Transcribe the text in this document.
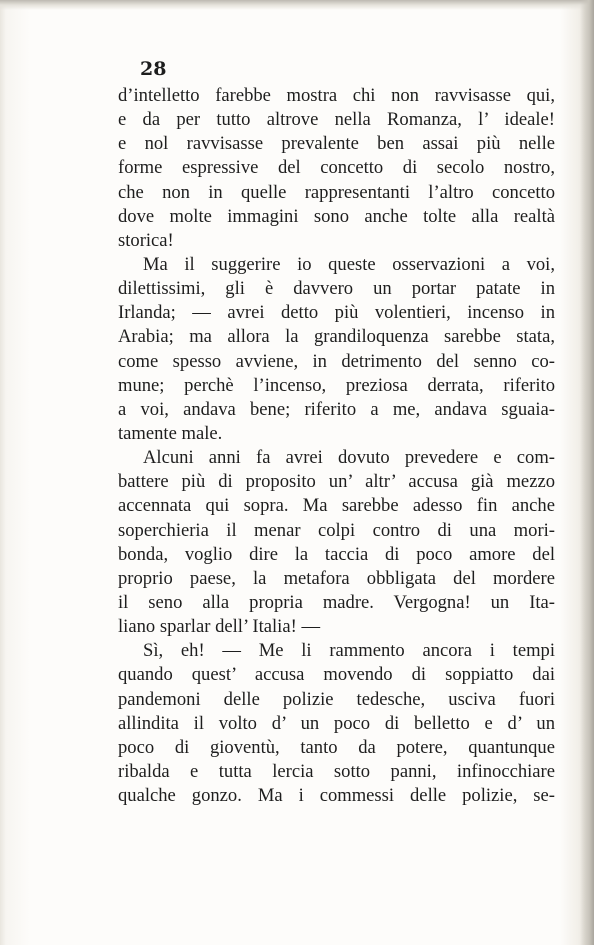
28
d’intelletto farebbe mostra chi non ravvisasse qui,
e da per tutto altrove nella Romanza, l’ ideale!
e nol ravvisasse prevalente ben assai più nelle
forme espressive del concetto di secolo nostro,
che non in quelle rappresentanti l’altro concetto
dove molte immagini sono anche tolte alla realtà
storica!
Ma il suggerire io queste osservazioni a voi,
dilettissimi, gli è davvero un portar patate in
Irlanda; — avrei detto più volentieri, incenso in
Arabia; ma allora la grandiloquenza sarebbe stata,
come spesso avviene, in detrimento del senno co-
mune; perchè l’incenso, preziosa derrata, riferito
a voi, andava bene; riferito a me, andava sguaia-
tamente male.
Alcuni anni fa avrei dovuto prevedere e com-
battere più di proposito un’ altr’ accusa già mezzo
accennata qui sopra. Ma sarebbe adesso fin anche
soperchieria il menar colpi contro di una mori-
bonda, voglio dire la taccia di poco amore del
proprio paese, la metafora obbligata del mordere
il seno alla propria madre. Vergogna! un Ita-
liano sparlar dell’ Italia! —
Sì, eh! — Me li rammento ancora i tempi
quando quest’ accusa movendo di soppiatto dai
pandemoni delle polizie tedesche, usciva fuori
allindita il volto d’ un poco di belletto e d’ un
poco di gioventù, tanto da potere, quantunque
ribalda e tutta lercia sotto panni, infinocchiare
qualche gonzo. Ma i commessi delle polizie, se-
